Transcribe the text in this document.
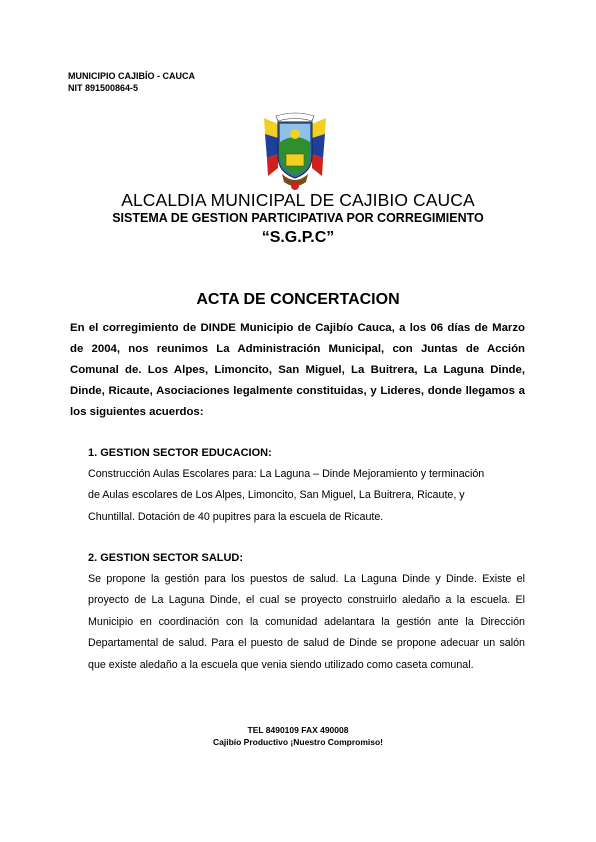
MUNICIPIO CAJIBÍO - CAUCA
NIT 891500864-5
ALCALDIA MUNICIPAL DE CAJIBIO CAUCA
SISTEMA DE GESTION PARTICIPATIVA POR CORREGIMIENTO
“S.G.P.C”
ACTA DE CONCERTACION
En el corregimiento de DINDE Municipio de Cajibío Cauca, a los 06 días de Marzo de 2004, nos reunimos La Administración Municipal, con Juntas de Acción Comunal de. Los Alpes, Limoncito, San Miguel, La Buitrera, La Laguna Dinde, Dinde, Ricaute, Asociaciones legalmente constituidas, y Lideres, donde llegamos a los siguientes acuerdos:
1. GESTION SECTOR EDUCACION:
Construcción Aulas Escolares para: La Laguna – Dinde Mejoramiento y terminación
de Aulas escolares de Los Alpes, Limoncito, San Miguel, La Buitrera, Ricaute, y
Chuntillal. Dotación de 40 pupitres para la escuela de Ricaute.
2. GESTION SECTOR SALUD:
Se propone la gestión para los puestos de salud. La Laguna Dinde y Dinde. Existe el proyecto de La Laguna Dinde, el cual se proyecto construirlo aledaño a la escuela. El Municipio en coordinación con la comunidad adelantara la gestión ante la Dirección Departamental de salud. Para el puesto de salud de Dinde se propone adecuar un salón que existe aledaño a la escuela que venia siendo utilizado como caseta comunal.
TEL 8490109 FAX 490008
Cajibío Productivo ¡Nuestro Compromiso!
